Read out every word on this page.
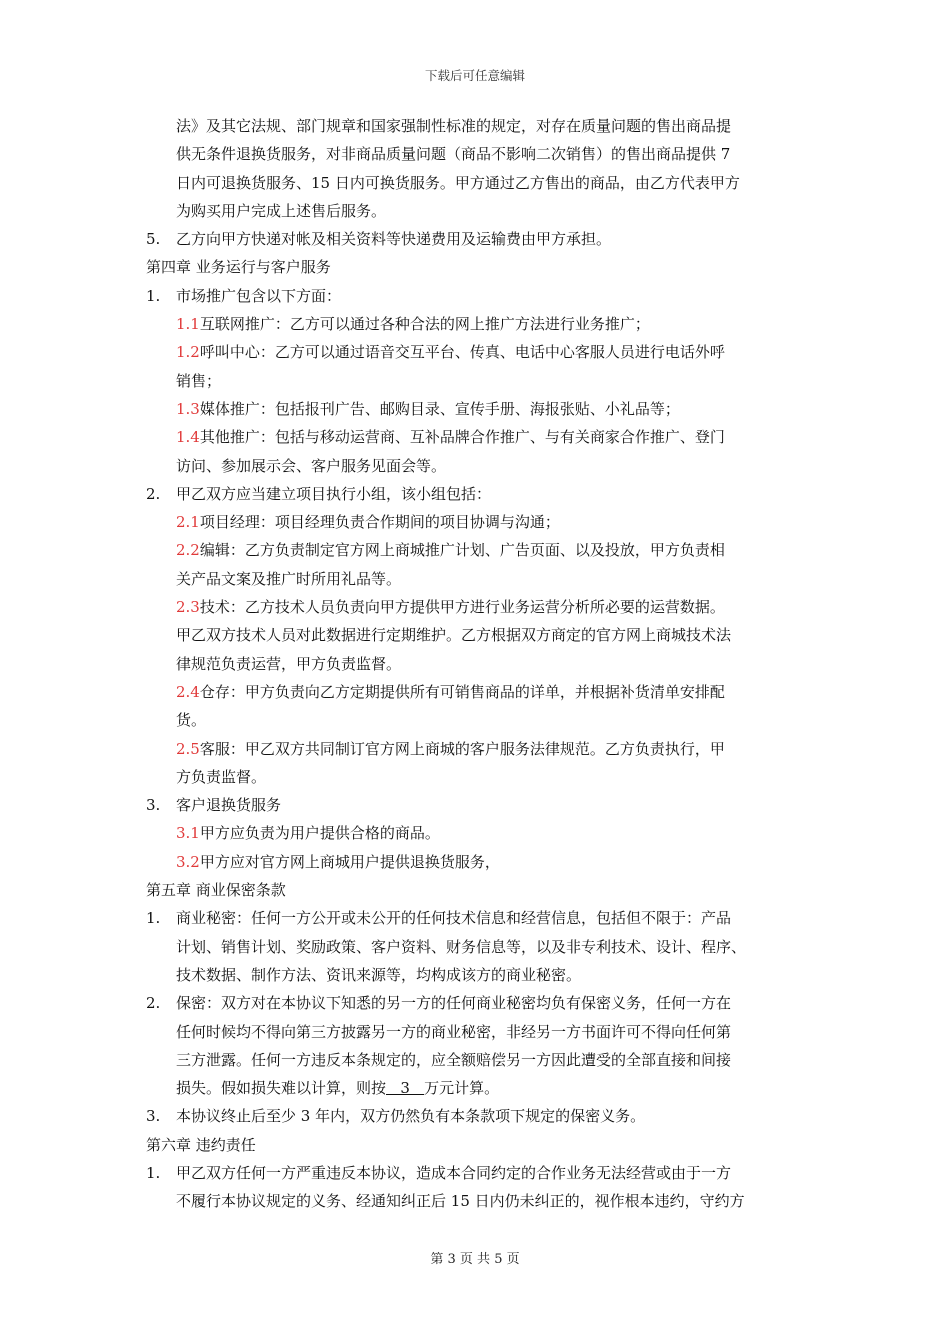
下载后可任意编辑

法》及其它法规、部门规章和国家强制性标准的规定，对存在质量问题的售出商品提

供无条件退换货服务，对非商品质量问题（商品不影响二次销售）的售出商品提供 7

日内可退换货服务、15 日内可换货服务。甲方通过乙方售出的商品，由乙方代表甲方

为购买用户完成上述售后服务。

5. 乙方向甲方快递对帐及相关资料等快递费用及运输费由甲方承担。

第四章 业务运行与客户服务

1. 市场推广包含以下方面：

1.1互联网推广：乙方可以通过各种合法的网上推广方法进行业务推广；

1.2呼叫中心：乙方可以通过语音交互平台、传真、电话中心客服人员进行电话外呼

销售；

1.3媒体推广：包括报刊广告、邮购目录、宣传手册、海报张贴、小礼品等；

1.4其他推广：包括与移动运营商、互补品牌合作推广、与有关商家合作推广、登门

访问、参加展示会、客户服务见面会等。

2. 甲乙双方应当建立项目执行小组，该小组包括：

2.1项目经理：项目经理负责合作期间的项目协调与沟通；

2.2编辑：乙方负责制定官方网上商城推广计划、广告页面、以及投放，甲方负责相

关产品文案及推广时所用礼品等。

2.3技术：乙方技术人员负责向甲方提供甲方进行业务运营分析所必要的运营数据。

甲乙双方技术人员对此数据进行定期维护。乙方根据双方商定的官方网上商城技术法

律规范负责运营，甲方负责监督。

2.4仓存：甲方负责向乙方定期提供所有可销售商品的详单，并根据补货清单安排配

货。

2.5客服：甲乙双方共同制订官方网上商城的客户服务法律规范。乙方负责执行，甲

方负责监督。

3. 客户退换货服务

3.1甲方应负责为用户提供合格的商品。

3.2甲方应对官方网上商城用户提供退换货服务，

第五章 商业保密条款

1. 商业秘密：任何一方公开或未公开的任何技术信息和经营信息，包括但不限于：产品

计划、销售计划、奖励政策、客户资料、财务信息等，以及非专利技术、设计、程序、

技术数据、制作方法、资讯来源等，均构成该方的商业秘密。

2. 保密：双方对在本协议下知悉的另一方的任何商业秘密均负有保密义务，任何一方在

任何时候均不得向第三方披露另一方的商业秘密，非经另一方书面许可不得向任何第

三方泄露。任何一方违反本条规定的，应全额赔偿另一方因此遭受的全部直接和间接

损失。假如损失难以计算，则按   3   万元计算。

3. 本协议终止后至少 3 年内，双方仍然负有本条款项下规定的保密义务。

第六章 违约责任

1. 甲乙双方任何一方严重违反本协议，造成本合同约定的合作业务无法经营或由于一方

不履行本协议规定的义务、经通知纠正后 15 日内仍未纠正的，视作根本违约，守约方

第 3 页 共 5 页
